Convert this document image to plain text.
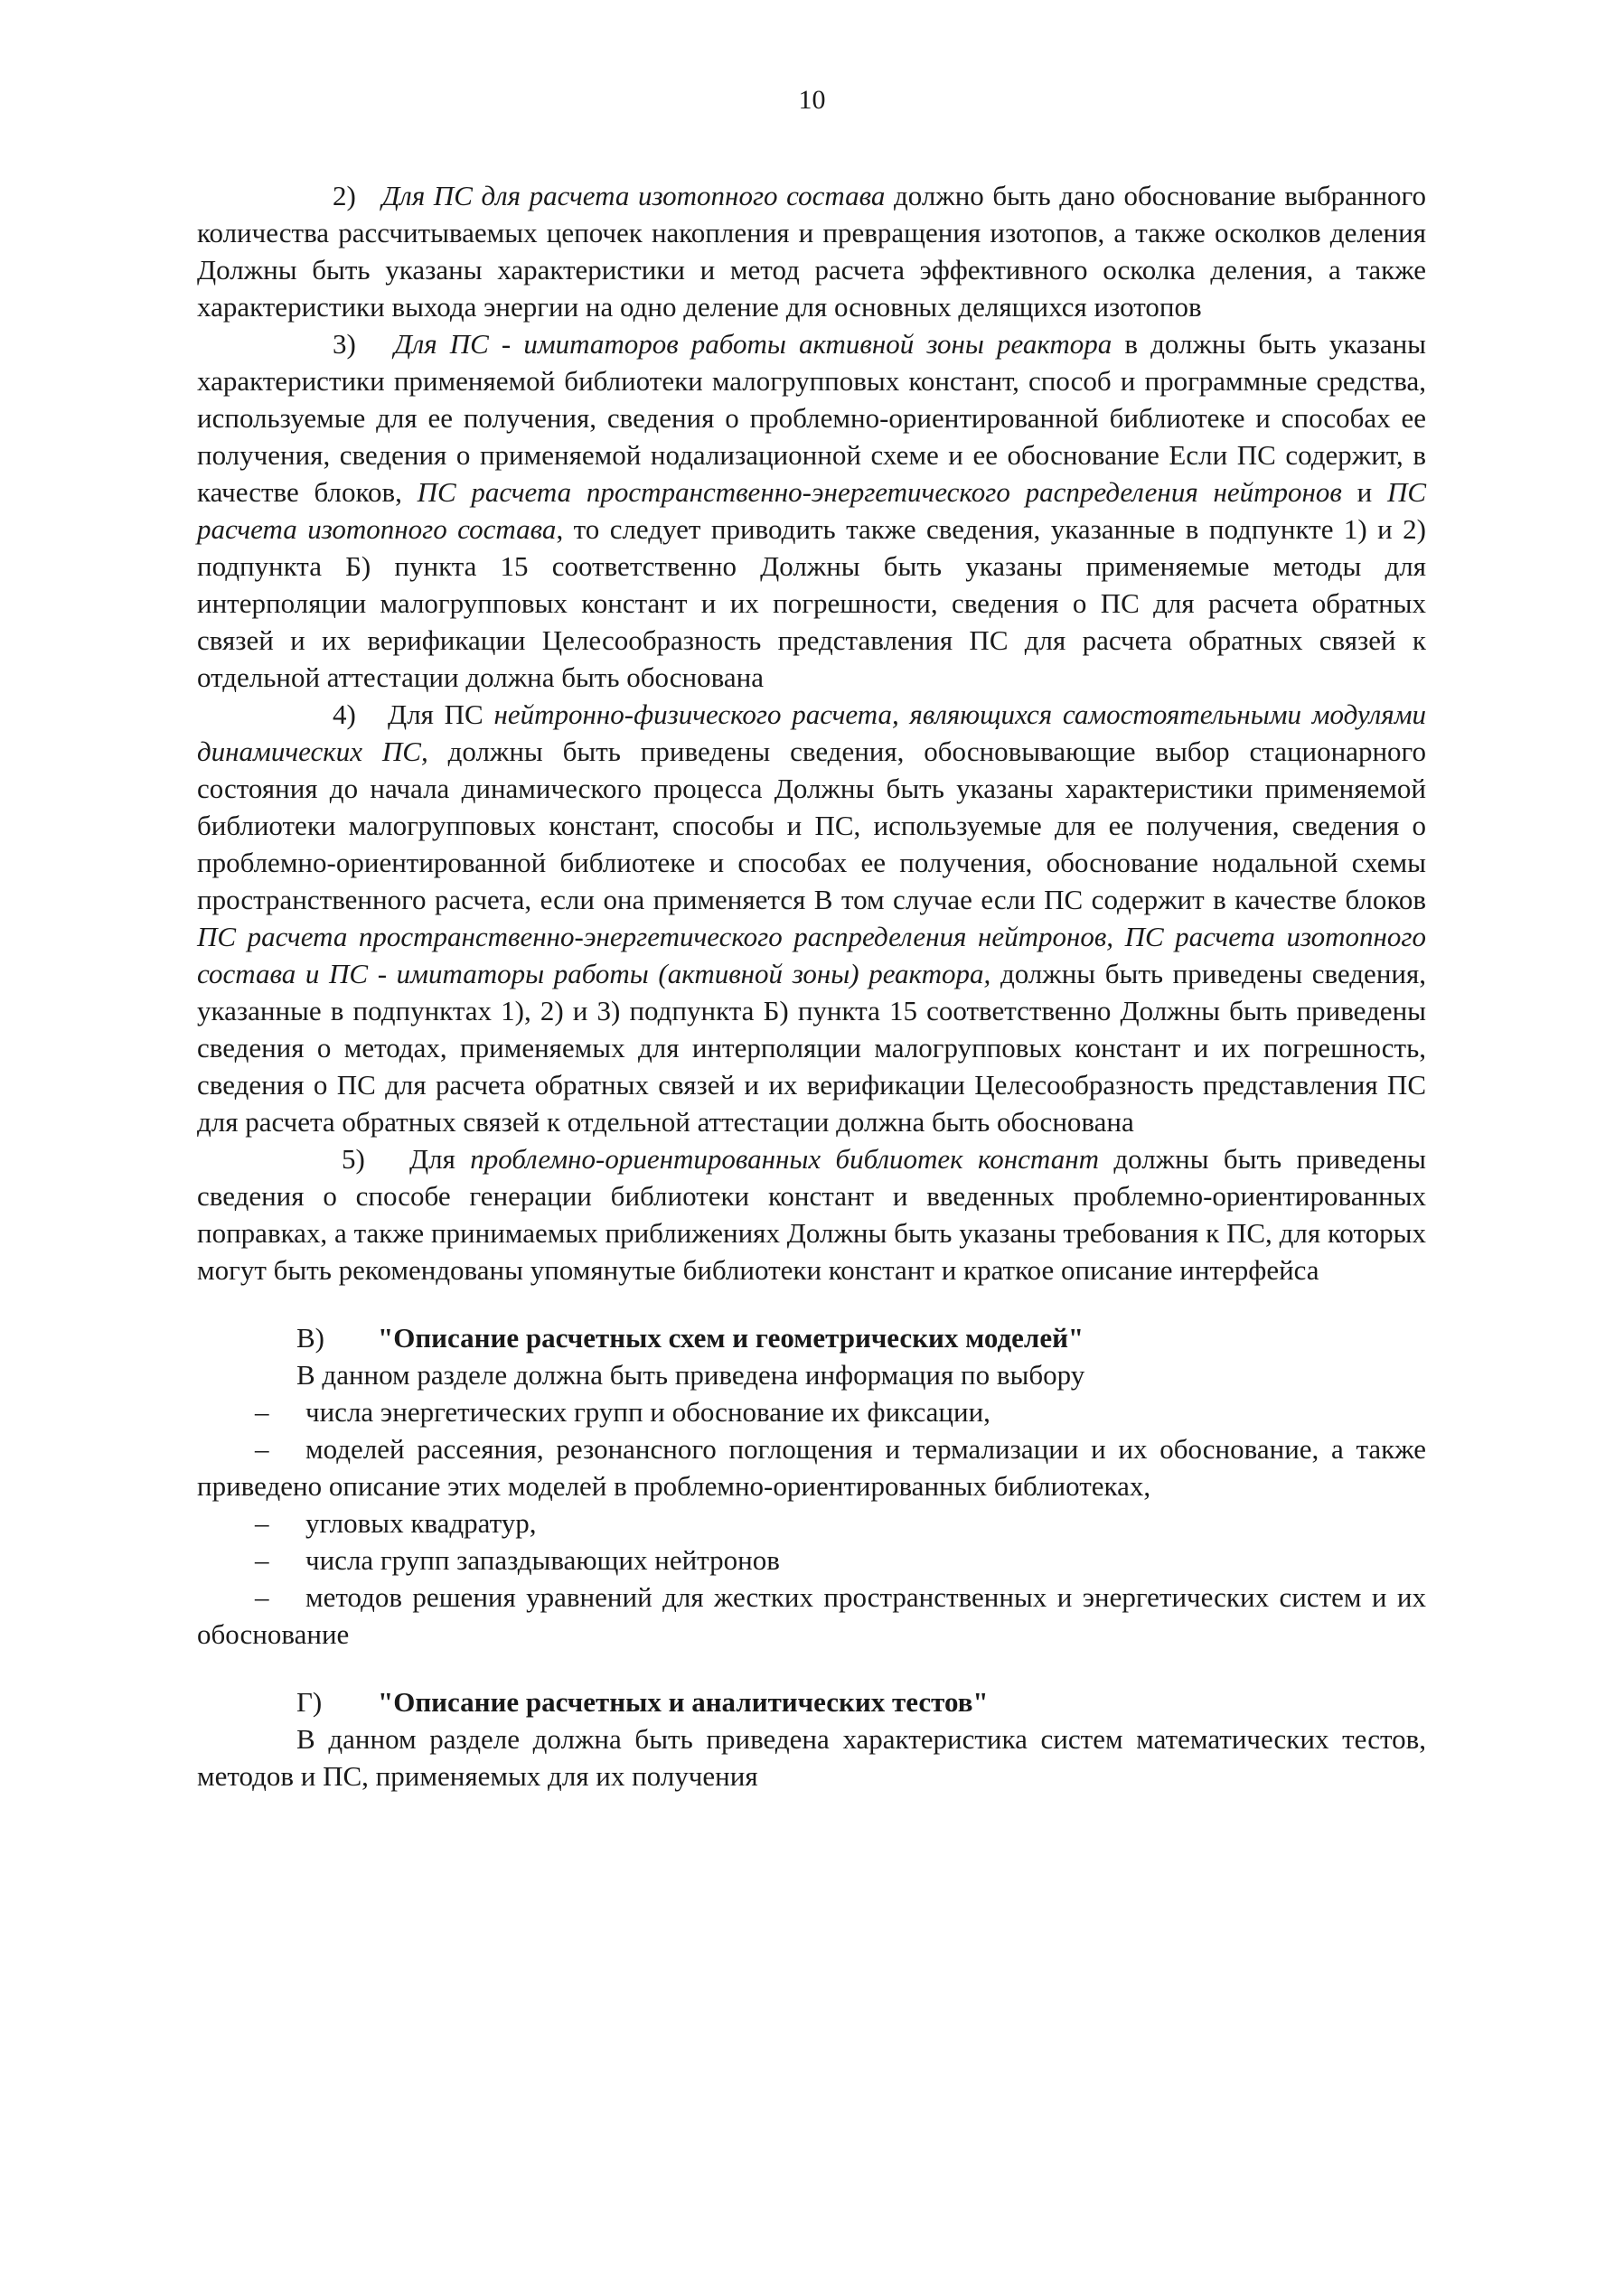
10

2) Для ПС для расчета изотопного состава должно быть дано обоснование выбранного количества рассчитываемых цепочек накопления и превращения изотопов, а также осколков деления Должны быть указаны характеристики и метод расчета эффективного осколка деления, а также характеристики выхода энергии на одно деление для основных делящихся изотопов

3) Для ПС - имитаторов работы активной зоны реактора в должны быть указаны характеристики применяемой библиотеки малогрупповых констант, способ и программные средства, используемые для ее получения, сведения о проблемно-ориентированной библиотеке и способах ее получения, сведения о применяемой нодализационной схеме и ее обоснование Если ПС содержит, в качестве блоков, ПС расчета пространственно-энергетического распределения нейтронов и ПС расчета изотопного состава, то следует приводить также сведения, указанные в подпункте 1) и 2) подпункта Б) пункта 15 соответственно Должны быть указаны применяемые методы для интерполяции малогрупповых констант и их погрешности, сведения о ПС для расчета обратных связей и их верификации Целесообразность представления ПС для расчета обратных связей к отдельной аттестации должна быть обоснована

4) Для ПС нейтронно-физического расчета, являющихся самостоятельными модулями динамических ПС, должны быть приведены сведения, обосновывающие выбор стационарного состояния до начала динамического процесса Должны быть указаны характеристики применяемой библиотеки малогрупповых констант, способы и ПС, используемые для ее получения, сведения о проблемно-ориентированной библиотеке и способах ее получения, обоснование нодальной схемы пространственного расчета, если она применяется В том случае если ПС содержит в качестве блоков ПС расчета пространственно-энергетического распределения нейтронов, ПС расчета изотопного состава и ПС - имитаторы работы (активной зоны) реактора, должны быть приведены сведения, указанные в подпунктах 1), 2) и 3) подпункта Б) пункта 15 соответственно Должны быть приведены сведения о методах, применяемых для интерполяции малогрупповых констант и их погрешность, сведения о ПС для расчета обратных связей и их верификации Целесообразность представления ПС для расчета обратных связей к отдельной аттестации должна быть обоснована

5) Для проблемно-ориентированных библиотек констант должны быть приведены сведения о способе генерации библиотеки констант и введенных проблемно-ориентированных поправках, а также принимаемых приближениях Должны быть указаны требования к ПС, для которых могут быть рекомендованы упомянутые библиотеки констант и краткое описание интерфейса

В) "Описание расчетных схем и геометрических моделей"

В данном разделе должна быть приведена информация по выбору

– числа энергетических групп и обоснование их фиксации,

– моделей рассеяния, резонансного поглощения и термализации и их обоснование, а также приведено описание этих моделей в проблемно-ориентированных библиотеках,

– угловых квадратур,

– числа групп запаздывающих нейтронов

– методов решения уравнений для жестких пространственных и энергетических систем и их обоснование

Г) "Описание расчетных и аналитических тестов"

В данном разделе должна быть приведена характеристика систем математических тестов, методов и ПС, применяемых для их получения
